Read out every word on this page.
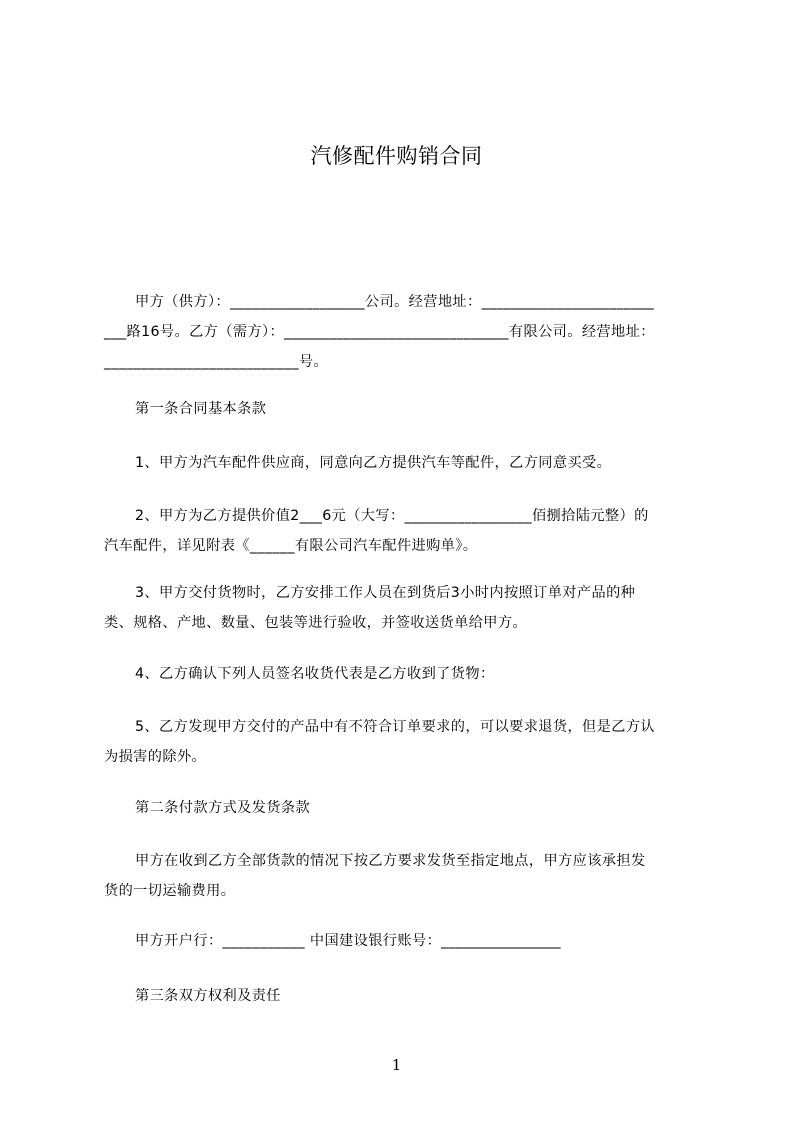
汽修配件购销合同
甲方（供方）：__________________公司。经营地址：_______________________
___路16号。乙方（需方）：______________________________有限公司。经营地址：
__________________________号。
第一条合同基本条款
1、甲方为汽车配件供应商，同意向乙方提供汽车等配件，乙方同意买受。
2、甲方为乙方提供价值2___6元（大写：_________________佰捌拾陆元整）的
汽车配件，详见附表《______有限公司汽车配件进购单》。
3、甲方交付货物时，乙方安排工作人员在到货后3小时内按照订单对产品的种
类、规格、产地、数量、包装等进行验收，并签收送货单给甲方。
4、乙方确认下列人员签名收货代表是乙方收到了货物：
5、乙方发现甲方交付的产品中有不符合订单要求的，可以要求退货，但是乙方认
为损害的除外。
第二条付款方式及发货条款
甲方在收到乙方全部货款的情况下按乙方要求发货至指定地点，甲方应该承担发
货的一切运输费用。
甲方开户行：___________ 中国建设银行账号：________________
第三条双方权利及责任
1
